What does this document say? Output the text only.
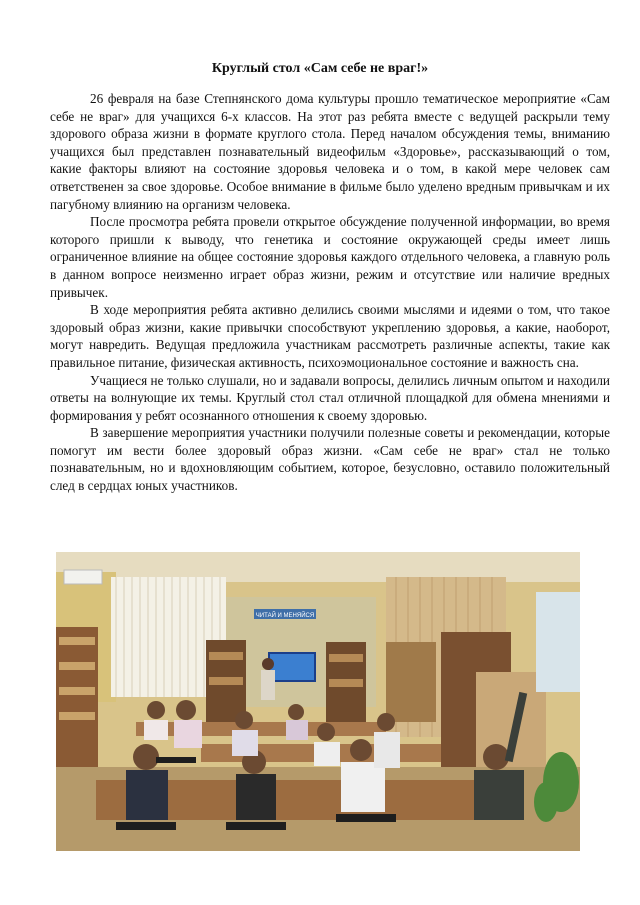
Круглый стол «Сам себе не враг!»

26 февраля на базе Степнянского дома культуры прошло тематическое мероприятие «Сам себе не враг» для учащихся 6-х классов. На этот раз ребята вместе с ведущей раскрыли тему здорового образа жизни в формате круглого стола. Перед началом обсуждения темы, вниманию учащихся был представлен познавательный видеофильм «Здоровье», рассказывающий о том, какие факторы влияют на состояние здоровья человека и о том, в какой мере человек сам ответственен за свое здоровье. Особое внимание в фильме было уделено вредным привычкам и их пагубному влиянию на организм человека.

После просмотра ребята провели открытое обсуждение полученной информации, во время которого пришли к выводу, что генетика и состояние окружающей среды имеет лишь ограниченное влияние на общее состояние здоровья каждого отдельного человека, а главную роль в данном вопросе неизменно играет образ жизни, режим и отсутствие или наличие вредных привычек.

В ходе мероприятия ребята активно делились своими мыслями и идеями о том, что такое здоровый образ жизни, какие привычки способствуют укреплению здоровья, а какие, наоборот, могут навредить. Ведущая предложила участникам рассмотреть различные аспекты, такие как правильное питание, физическая активность, психоэмоциональное состояние и важность сна.

Учащиеся не только слушали, но и задавали вопросы, делились личным опытом и находили ответы на волнующие их темы. Круглый стол стал отличной площадкой для обмена мнениями и формирования у ребят осознанного отношения к своему здоровью.

В завершение мероприятия участники получили полезные советы и рекомендации, которые помогут им вести более здоровый образ жизни. «Сам себе не враг» стал не только познавательным, но и вдохновляющим событием, которое, безусловно, оставило положительный след в сердцах юных участников.

ЧИТАЙ И МЕНЯЙСЯ
